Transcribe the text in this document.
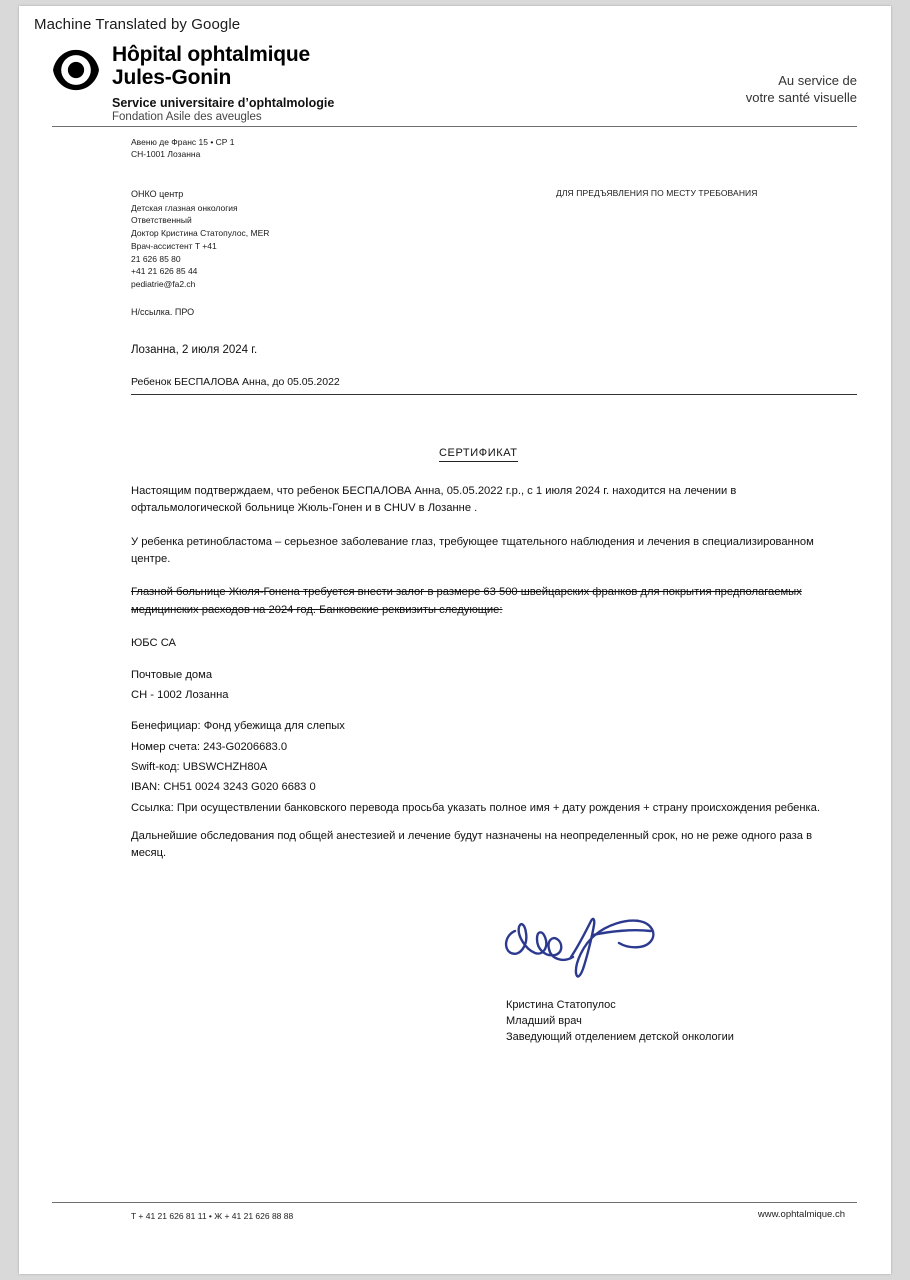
Machine Translated by Google
Hôpital ophtalmique
Jules-Gonin
Service universitaire d’ophtalmologie
Fondation Asile des aveugles
Au service de
votre santé visuelle
Авеню де Франс 15 • CP 1
CH-1001 Лозанна
ОНКО центр
Детская глазная онкология
Ответственный
Доктор Кристина Статопулос, MER
Врач-ассистент T +41
21 626 85 80
+41 21 626 85 44
pediatrie@fa2.ch
ДЛЯ ПРЕДЪЯВЛЕНИЯ ПО МЕСТУ ТРЕБОВАНИЯ
Н/ссылка. ПРО
Лозанна, 2 июля 2024 г.
Ребенок БЕСПАЛОВА Анна, до 05.05.2022
СЕРТИФИКАТ

Настоящим подтверждаем, что ребенок БЕСПАЛОВА Анна, 05.05.2022 г.р., с 1 июля 2024 г. находится на лечении в офтальмологической больнице Жюль-Гонен и в CHUV в Лозанне .

У ребенка ретинобластома – серьезное заболевание глаз, требующее тщательного наблюдения и лечения в специализированном центре.

Глазной больнице Жюля-Гонена требуется внести залог в размере 63 500 швейцарских франков для покрытия предполагаемых медицинских расходов на 2024 год. Банковские реквизиты следующие:

ЮБС СА
Почтовые дома
CH - 1002 Лозанна
Бенефициар: Фонд убежища для слепых
Номер счета: 243-G0206683.0
Swift-код: UBSWCHZH80A
IBAN: CH51 0024 3243 G020 6683 0
Ссылка: При осуществлении банковского перевода просьба указать полное имя + дату рождения + страну происхождения ребенка.
Дальнейшие обследования под общей анестезией и лечение будут назначены на неопределенный срок, но не реже одного раза в месяц.
Кристина Статопулос
Младший врач
Заведующий отделением детской онкологии
T + 41 21 626 81 11 • Ж + 41 21 626 88 88	www.ophtalmique.ch
